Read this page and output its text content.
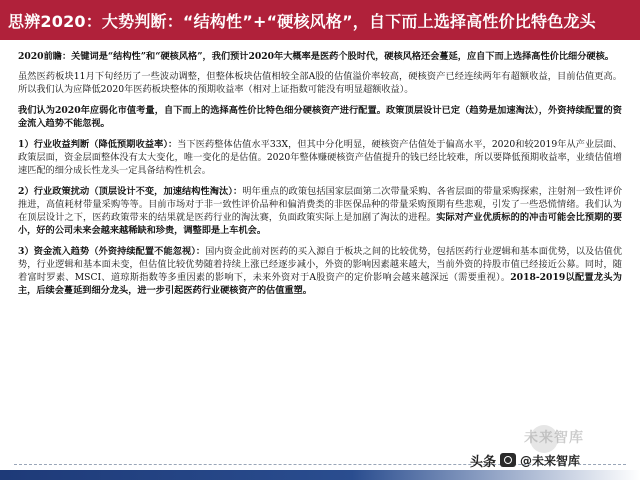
思辨2020：大势判断：“结构性”+“硬核风格”，自下而上选择高性价比特色龙头

2020前瞻：关键词是“结构性”和“硬核风格”，我们预计2020年大概率是医药个股时代，硬核风格还会蔓延，应自下而上选择高性价比细分硬核。

虽然医药板块11月下旬经历了一些波动调整，但整体板块估值相较全部A股的估值溢价率较高，硬核资产已经连续两年有超额收益，目前估值更高。所以我们认为应降低2020年医药板块整体的预期收益率（相对上证指数可能没有明显超额收益）。

我们认为2020年应弱化市值考量，自下而上的选择高性价比特色细分硬核资产进行配置。政策顶层设计已定（趋势是加速淘汰），外资持续配置的资金流入趋势不能忽视。

1）行业收益判断（降低预期收益率）：当下医药整体估值水平33X，但其中分化明显，硬核资产估值处于偏高水平，2020和较2019年从产业层面、政策层面，资金层面整体没有太大变化，唯一变化的是估值。2020年整体赚硬核资产估值提升的钱已经比较难，所以要降低预期收益率，业绩估值增速匹配的细分成长性龙头一定具备结构性机会。

2）行业政策扰动（顶层设计不变，加速结构性淘汰）：明年重点的政策包括国家层面第二次带量采购、各省层面的带量采购探索，注射剂一致性评价推进，高值耗材带量采购等等。目前市场对于非一致性评价品种和偏消费类的非医保品种的带量采购预期有些悲观，引发了一些恐慌情绪。我们认为在顶层设计之下，医药政策带来的结果就是医药行业的淘汰赛，负面政策实际上是加剧了淘汰的进程。实际对产业优质标的的冲击可能会比预期的要小，好的公司未来会越来越稀缺和珍贵，调整即是上车机会。

3）资金流入趋势（外资持续配置不能忽视）：国内资金此前对医药的买入源自于板块之间的比较优势，包括医药行业逻辑和基本面优势，以及估值优势，行业逻辑和基本面未变，但估值比较优势随着持续上涨已经逐步减小，外资的影响因素越来越大，当前外资的持股市值已经接近公募。同时，随着富时罗素、MSCI、道琼斯指数等多重因素的影响下，未来外资对于A股资产的定价影响会越来越深远（需要重视）。2018-2019以配置龙头为主，后续会蔓延到细分龙头，进一步引起医药行业硬核资产的估值重塑。

未来智库
头条 @未来智库
